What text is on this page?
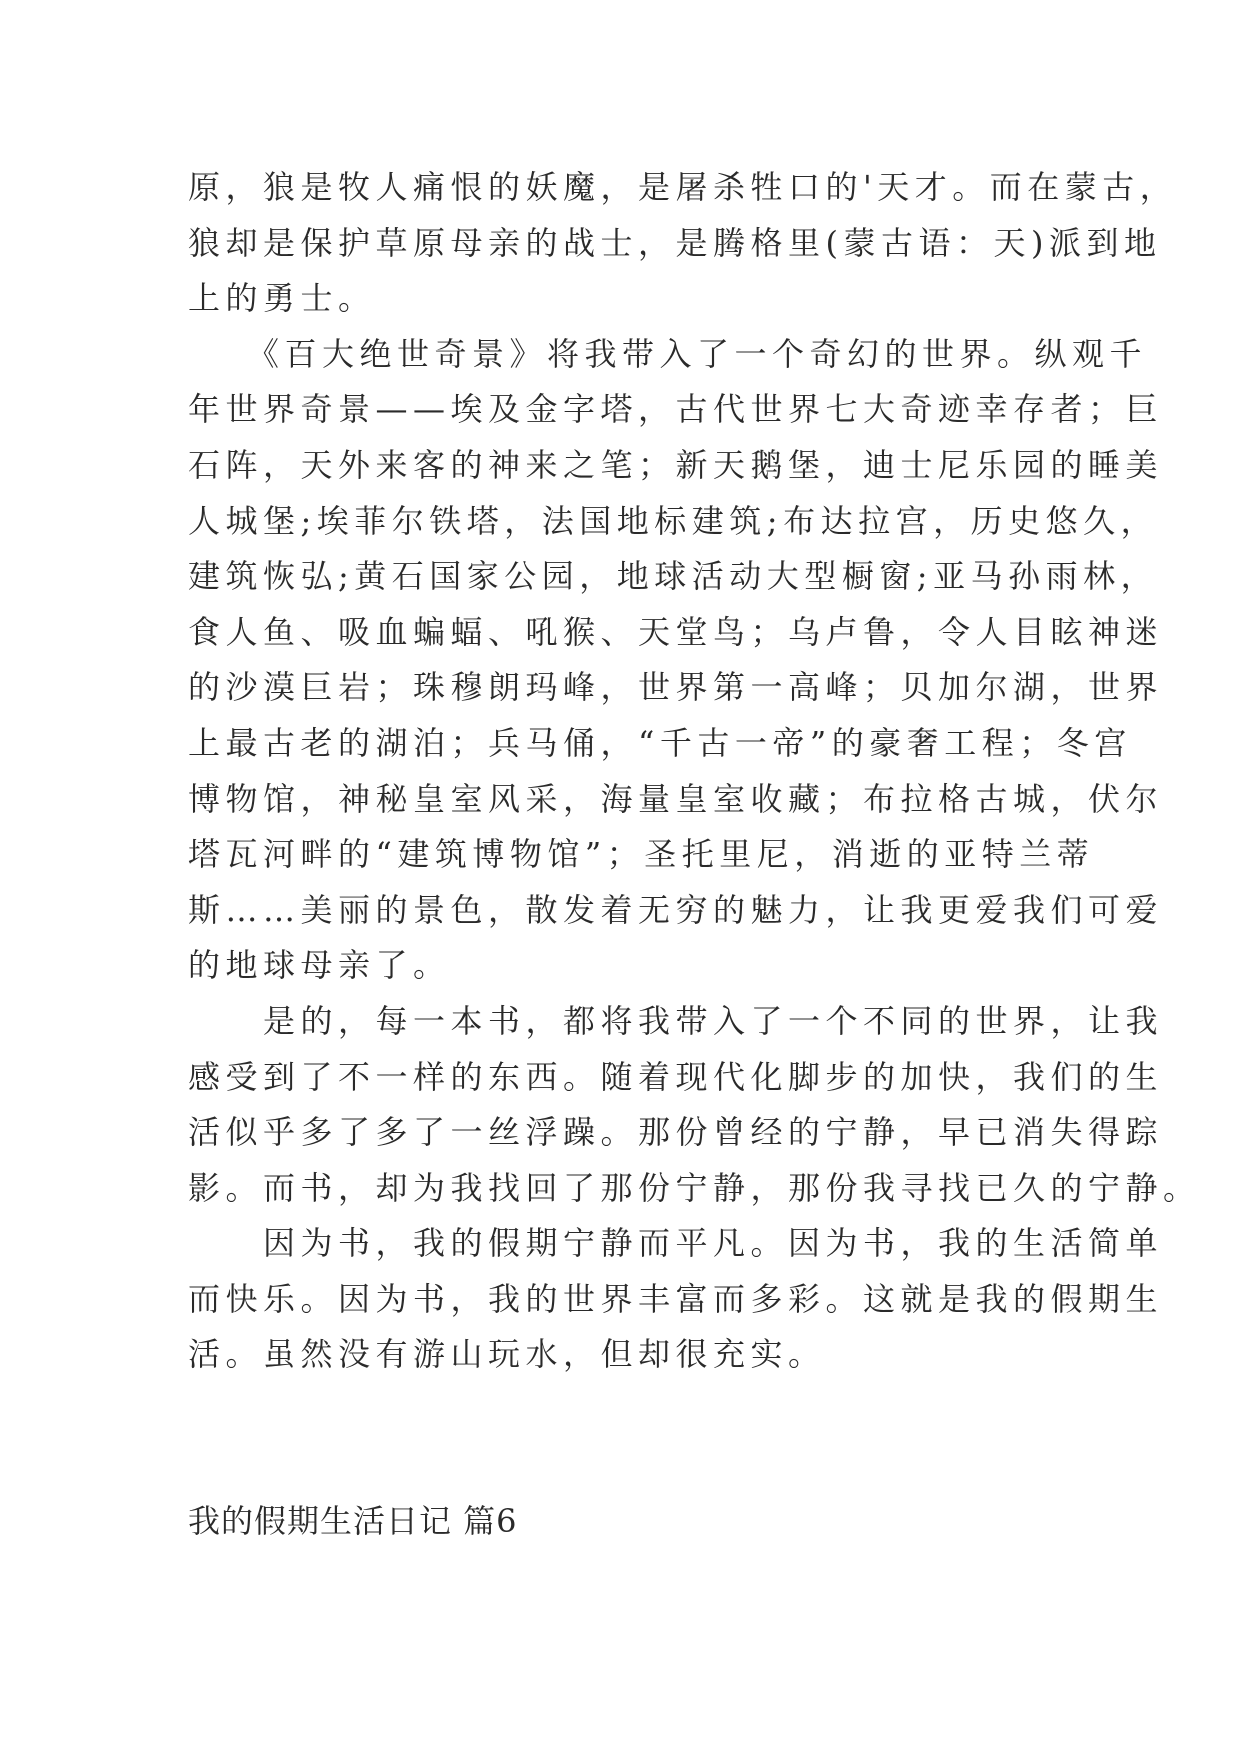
原，狼是牧人痛恨的妖魔，是屠杀牲口的'天才。而在蒙古，
狼却是保护草原母亲的战士，是腾格里(蒙古语：天)派到地
上的勇士。
　　《百大绝世奇景》将我带入了一个奇幻的世界。纵观千
年世界奇景——埃及金字塔，古代世界七大奇迹幸存者；巨
石阵，天外来客的神来之笔；新天鹅堡，迪士尼乐园的睡美
人城堡;埃菲尔铁塔，法国地标建筑;布达拉宫，历史悠久，
建筑恢弘;黄石国家公园，地球活动大型橱窗;亚马孙雨林，
食人鱼、吸血蝙蝠、吼猴、天堂鸟；乌卢鲁，令人目眩神迷
的沙漠巨岩；珠穆朗玛峰，世界第一高峰；贝加尔湖，世界
上最古老的湖泊；兵马俑，“千古一帝”的豪奢工程；冬宫
博物馆，神秘皇室风采，海量皇室收藏；布拉格古城，伏尔
塔瓦河畔的“建筑博物馆”；圣托里尼，消逝的亚特兰蒂
斯……美丽的景色，散发着无穷的魅力，让我更爱我们可爱
的地球母亲了。
　　是的，每一本书，都将我带入了一个不同的世界，让我
感受到了不一样的东西。随着现代化脚步的加快，我们的生
活似乎多了多了一丝浮躁。那份曾经的宁静，早已消失得踪
影。而书，却为我找回了那份宁静，那份我寻找已久的宁静。
　　因为书，我的假期宁静而平凡。因为书，我的生活简单
而快乐。因为书，我的世界丰富而多彩。这就是我的假期生
活。虽然没有游山玩水，但却很充实。
我的假期生活日记 篇6
